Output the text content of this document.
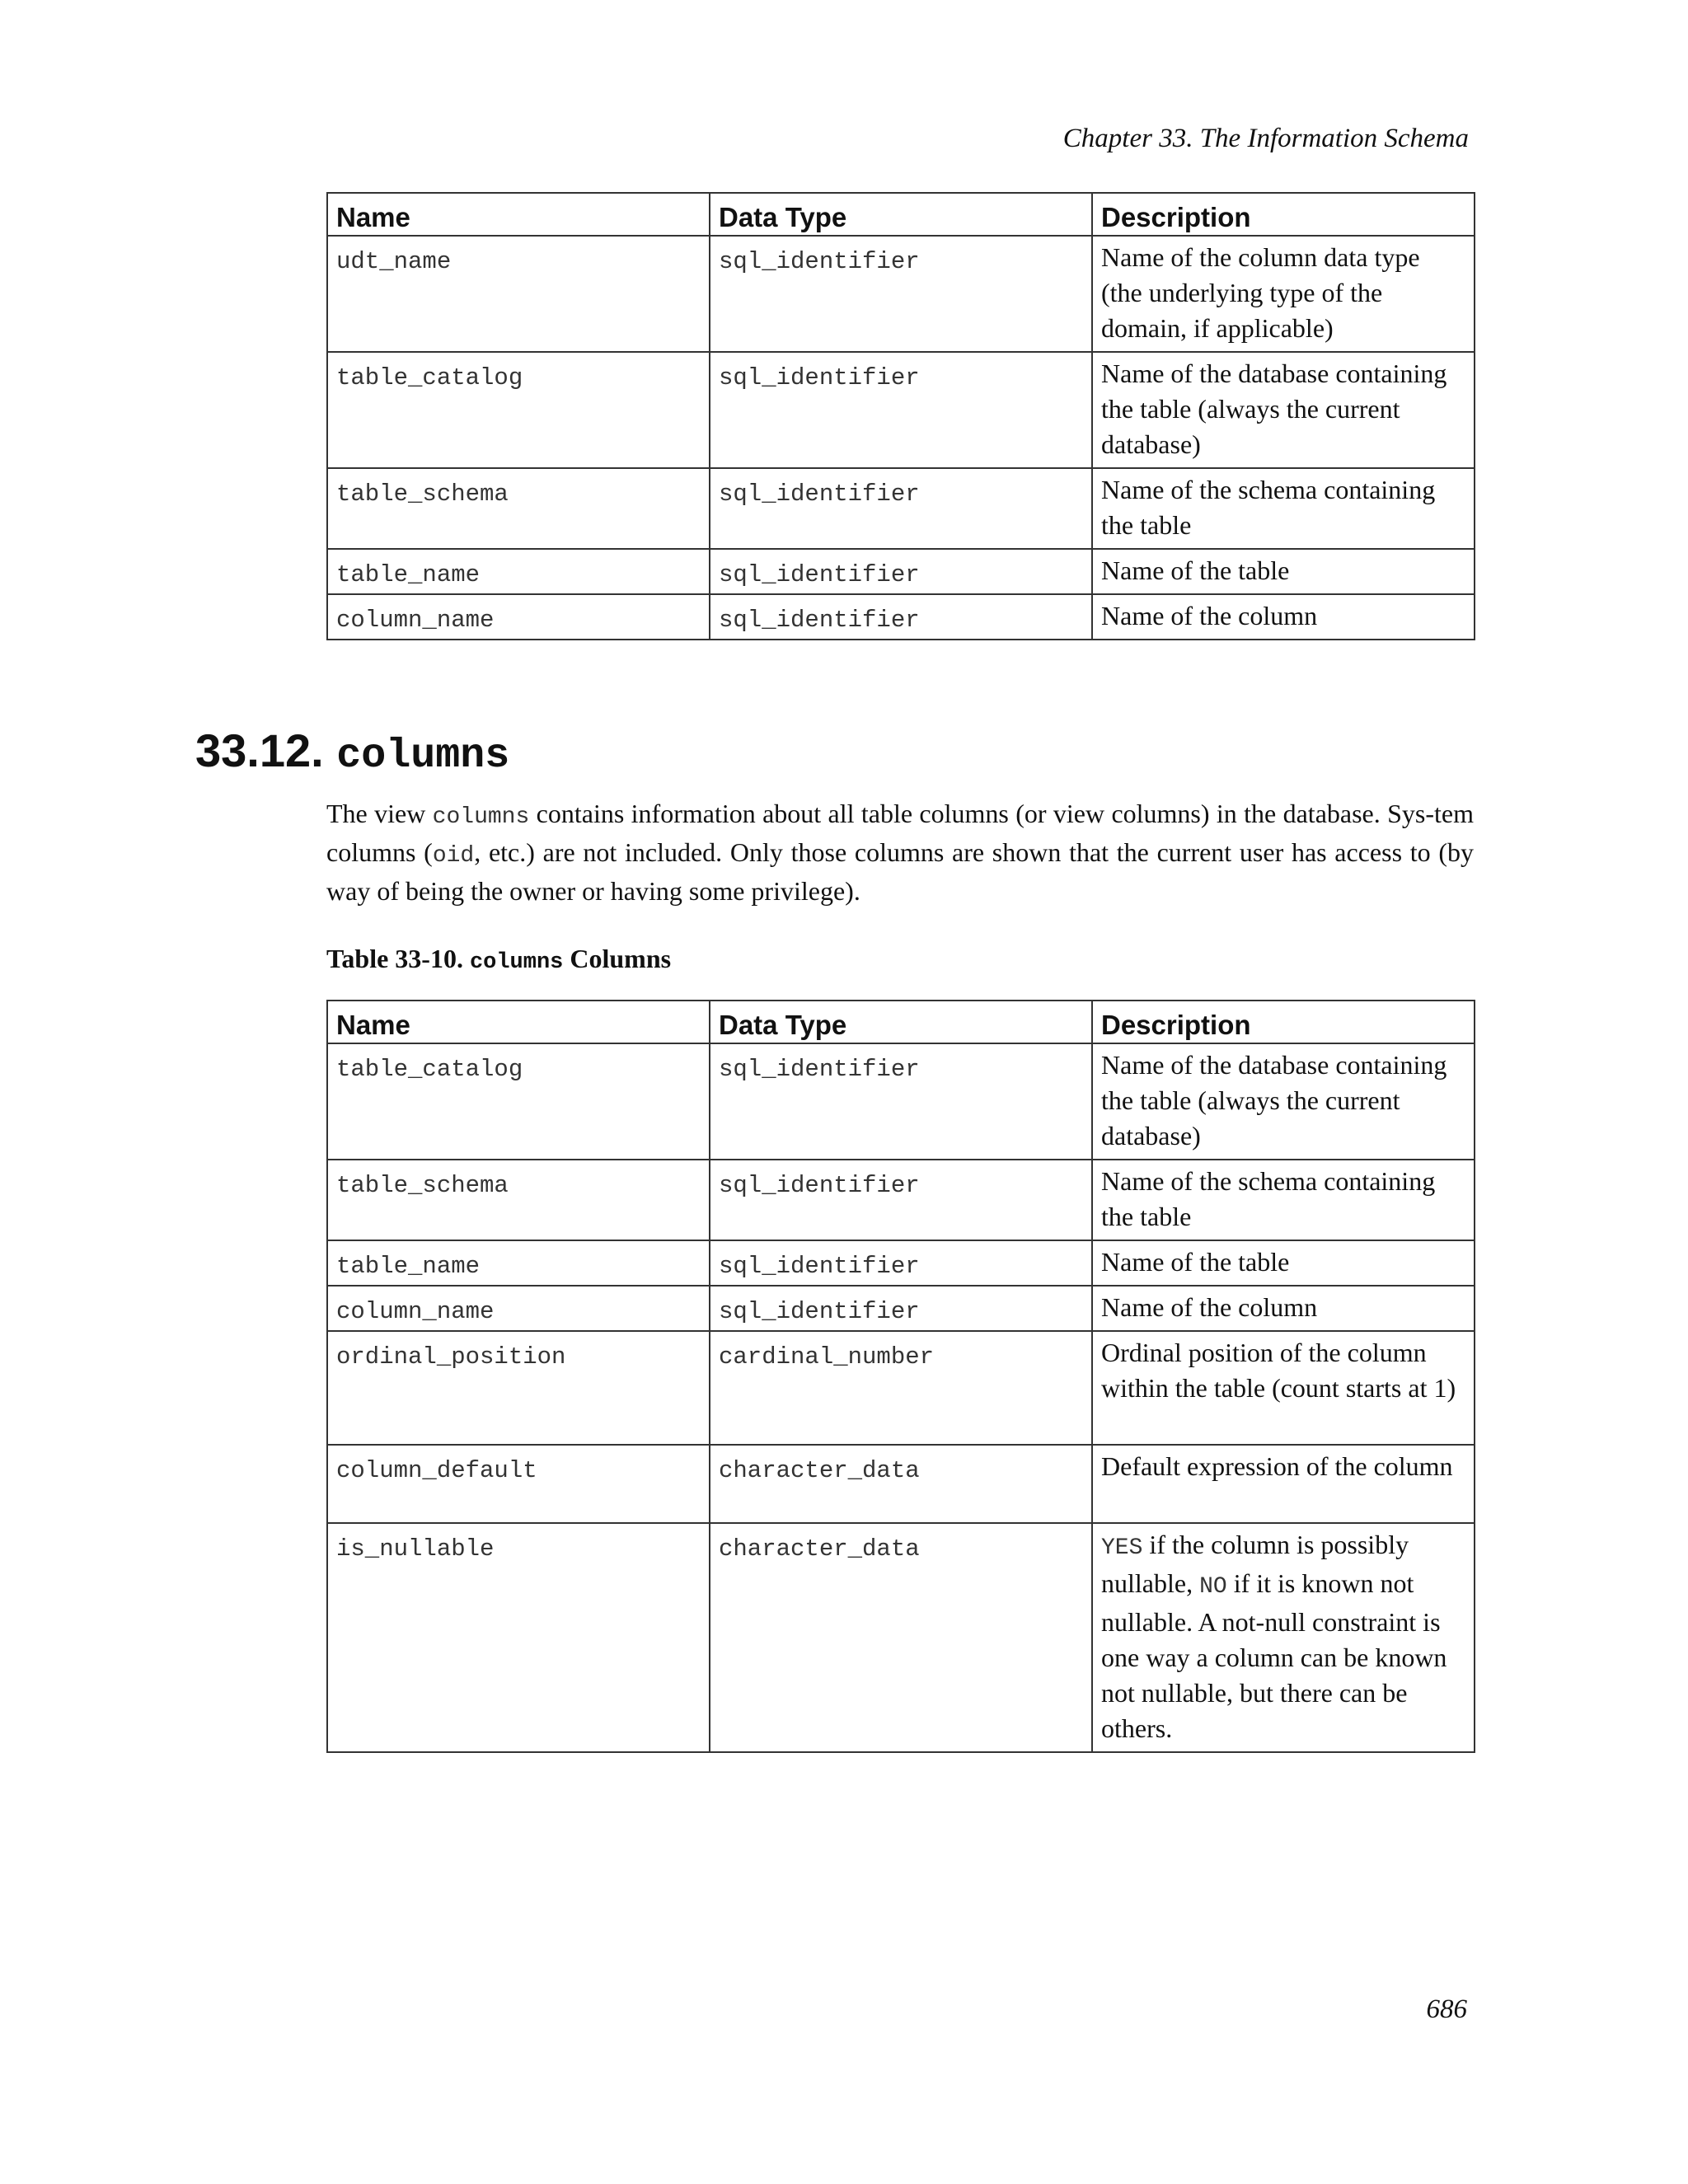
Chapter 33. The Information Schema
Name	Data Type	Description
udt_name	sql_identifier	Name of the column data type (the underlying type of the domain, if applicable)
table_catalog	sql_identifier	Name of the database containing the table (always the current database)
table_schema	sql_identifier	Name of the schema containing the table
table_name	sql_identifier	Name of the table
column_name	sql_identifier	Name of the column
33.12. columns

The view columns contains information about all table columns (or view columns) in the database. Sys-tem columns (oid, etc.) are not included. Only those columns are shown that the current user has access to (by way of being the owner or having some privilege).

Table 33-10. columns Columns

Name	Data Type	Description
table_catalog	sql_identifier	Name of the database containing the table (always the current database)
table_schema	sql_identifier	Name of the schema containing the table
table_name	sql_identifier	Name of the table
column_name	sql_identifier	Name of the column
ordinal_position	cardinal_number	Ordinal position of the column within the table (count starts at 1)
column_default	character_data	Default expression of the column
is_nullable	character_data	YES if the column is possibly nullable, NO if it is known not nullable. A not-null constraint is one way a column can be known not nullable, but there can be others.
686
